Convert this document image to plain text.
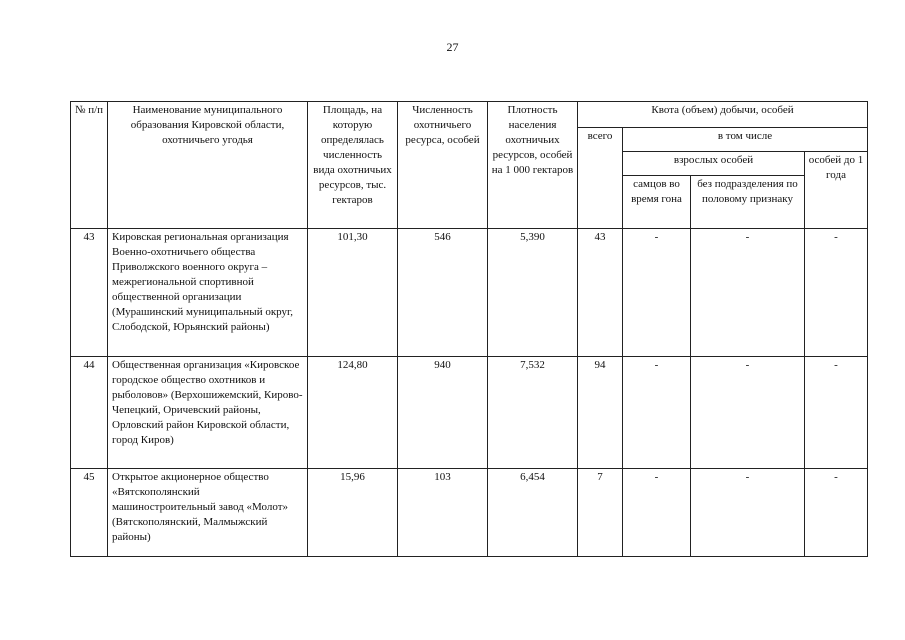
27
№ п/п	Наименование муниципального образования Кировской области, охотничьего угодья	Площадь, на которую определялась численность вида охотничьих ресурсов, тыс. гектаров	Численность охотничьего ресурса, особей	Плотность населения охотничьих ресурсов, особей на 1 000 гектаров	Квота (объем) добычи, особей			
					всего	в том числе		
						взрослых особей		особей до 1 года
						самцов во время гона	без подразделения по половому признаку	
43	Кировская региональная организация Военно-охотничьего общества Приволжского военного округа – межрегиональной спортивной общественной организации (Мурашинский муниципальный округ, Слободской, Юрьянский районы)	101,30	546	5,390	43	-	-	-
44	Общественная организация «Кировское городское общество охотников и рыболовов» (Верхошижемский, Кирово-Чепецкий, Оричевский районы, Орловский район Кировской области, город Киров)	124,80	940	7,532	94	-	-	-
45	Открытое акционерное общество «Вятскополянский машиностроительный завод «Молот» (Вятскополянский, Малмыжский районы)	15,96	103	6,454	7	-	-	-
